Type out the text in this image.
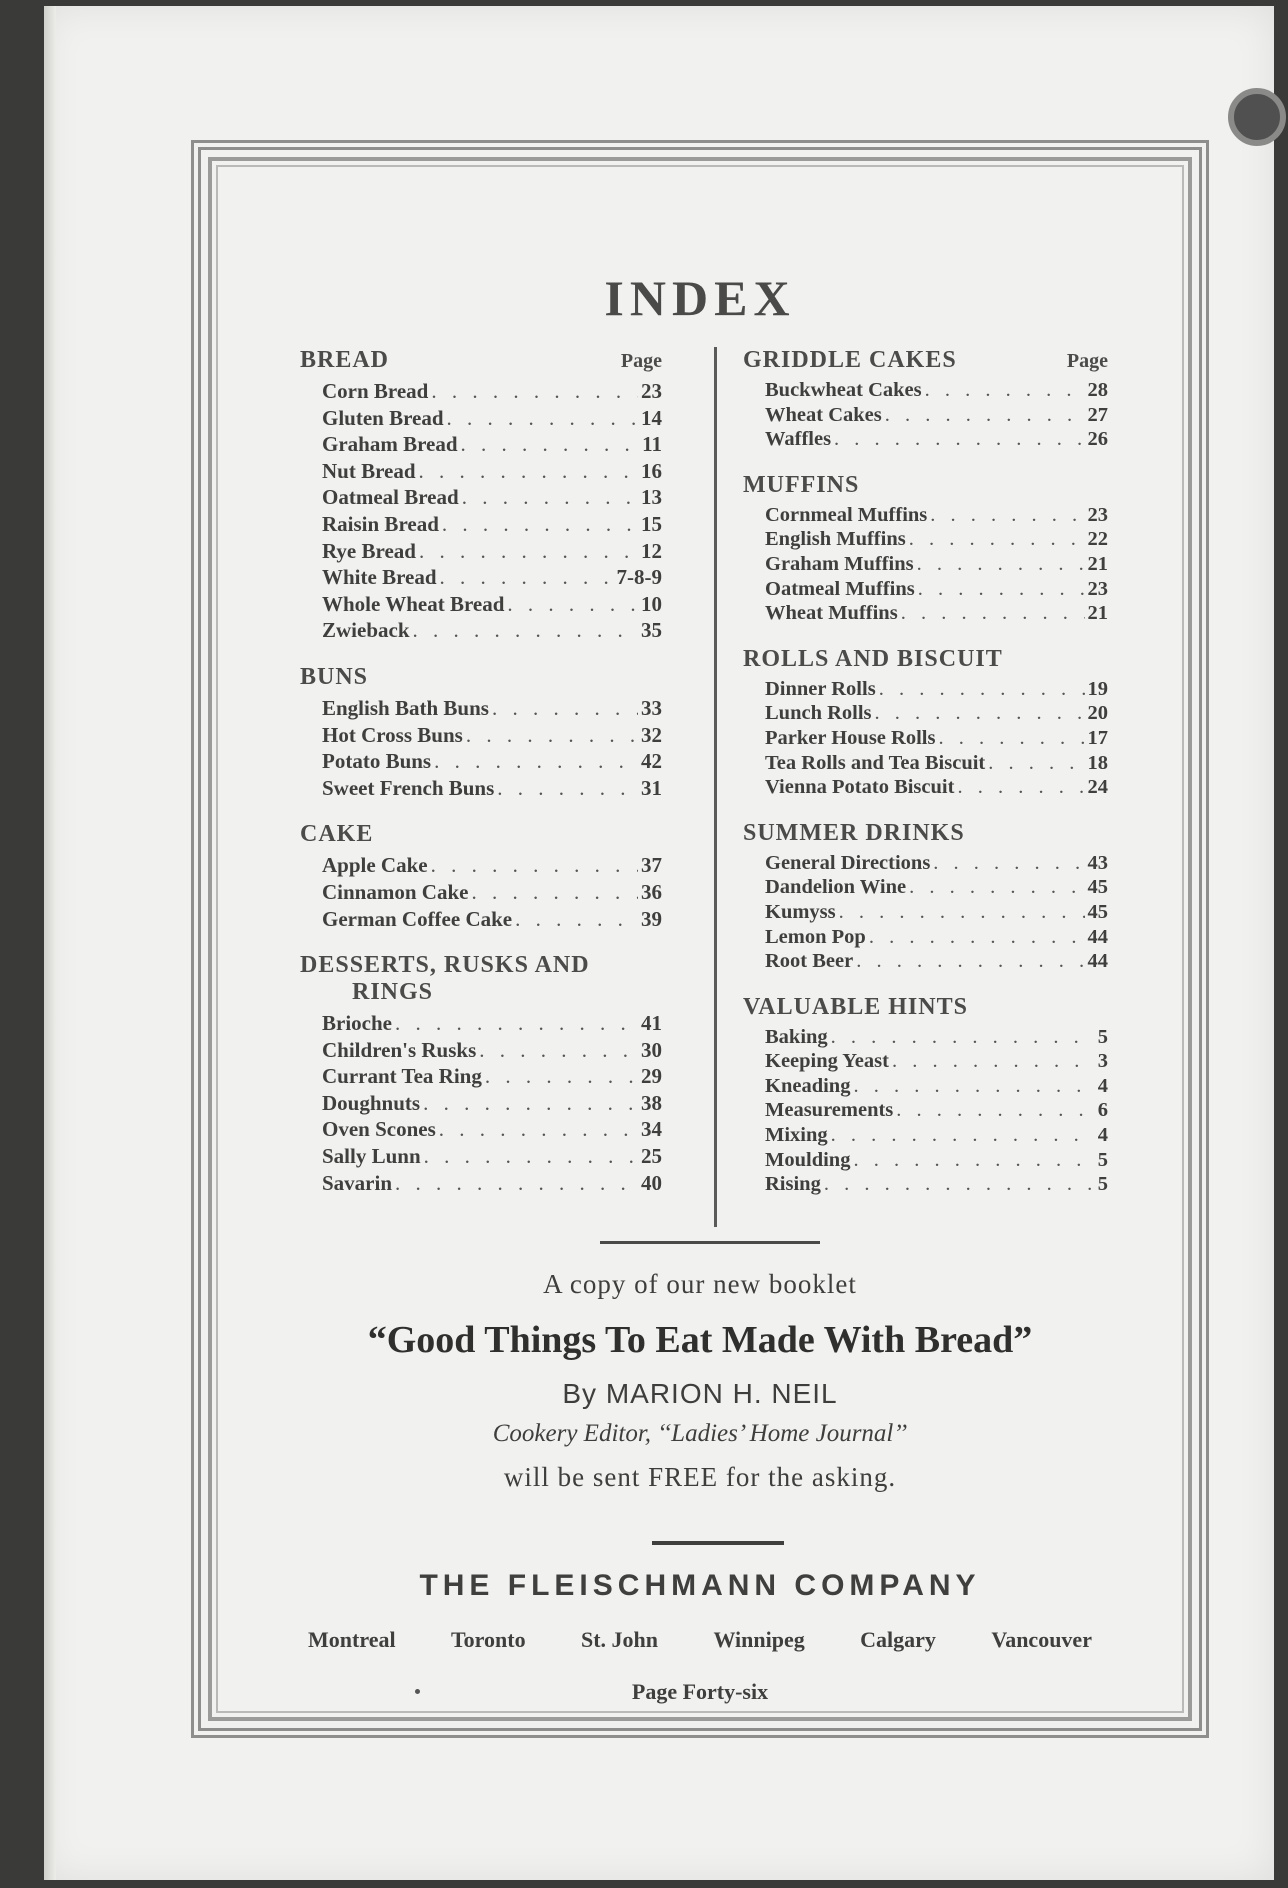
INDEX
BREAD	Page
Corn Bread . . .	23
Gluten Bread . . .	14
Graham Bread . . .	11
Nut Bread . . .	16
Oatmeal Bread . . .	13
Raisin Bread . . .	15
Rye Bread . . .	12
White Bread . . .	7-8-9
Whole Wheat Bread . . .	10
Zwieback . . .	35
BUNS
English Bath Buns . . .	33
Hot Cross Buns . . .	32
Potato Buns . . .	42
Sweet French Buns . . .	31
CAKE
Apple Cake . . .	37
Cinnamon Cake . . .	36
German Coffee Cake . . .	39
DESSERTS, RUSKS AND
RINGS
Brioche . . .	41
Children's Rusks . . .	30
Currant Tea Ring . . .	29
Doughnuts . . .	38
Oven Scones . . .	34
Sally Lunn . . .	25
Savarin . . .	40
GRIDDLE CAKES	Page
Buckwheat Cakes . . .	28
Wheat Cakes . . .	27
Waffles . . .	26
MUFFINS
Cornmeal Muffins . . .	23
English Muffins . . .	22
Graham Muffins . . .	21
Oatmeal Muffins . . .	23
Wheat Muffins . . .	21
ROLLS AND BISCUIT
Dinner Rolls . . .	19
Lunch Rolls . . .	20
Parker House Rolls . . .	17
Tea Rolls and Tea Biscuit . . .	18
Vienna Potato Biscuit . . .	24
SUMMER DRINKS
General Directions . . .	43
Dandelion Wine . . .	45
Kumyss . . .	45
Lemon Pop . . .	44
Root Beer . . .	44
VALUABLE HINTS
Baking . . .	5
Keeping Yeast . . .	3
Kneading . . .	4
Measurements . . .	6
Mixing . . .	4
Moulding . . .	5
Rising . . .	5
A copy of our new booklet
“Good Things To Eat Made With Bread”
By MARION H. NEIL
Cookery Editor, ‘‘Ladies’ Home Journal’’
will be sent FREE for the asking.
THE FLEISCHMANN COMPANY
Montreal	Toronto	St. John	Winnipeg	Calgary	Vancouver
Page Forty-six
